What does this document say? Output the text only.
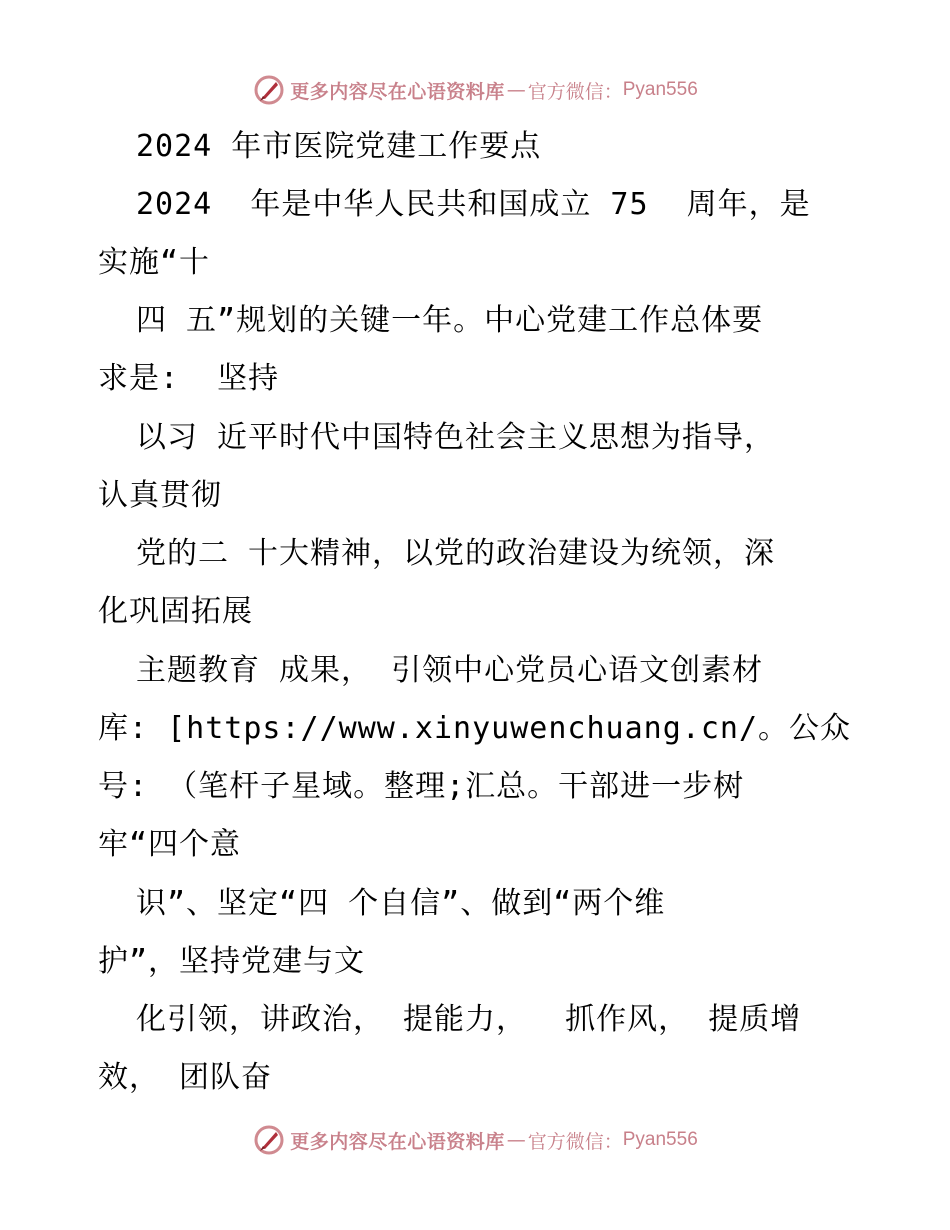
更多内容尽在心语资料库 — 官方微信： Pyan556
2024 年市医院党建工作要点
2024  年是中华人民共和国成立 75  周年，是
实施“十
四 五”规划的关键一年。中心党建工作总体要
求是:  坚持
以习 近平时代中国特色社会主义思想为指导，
认真贯彻
党的二 十大精神，以党的政治建设为统领，深
化巩固拓展
主题教育 成果， 引领中心党员心语文创素材
库: [https://www.xinyuwenchuang.cn/。公众
号: （笔杆子星域。整理;汇总。干部进一步树
牢“四个意
识”、坚定“四 个自信”、做到“两个维
护”，坚持党建与文
化引领，讲政治， 提能力，  抓作风， 提质增
效， 团队奋
更多内容尽在心语资料库 — 官方微信： Pyan556
